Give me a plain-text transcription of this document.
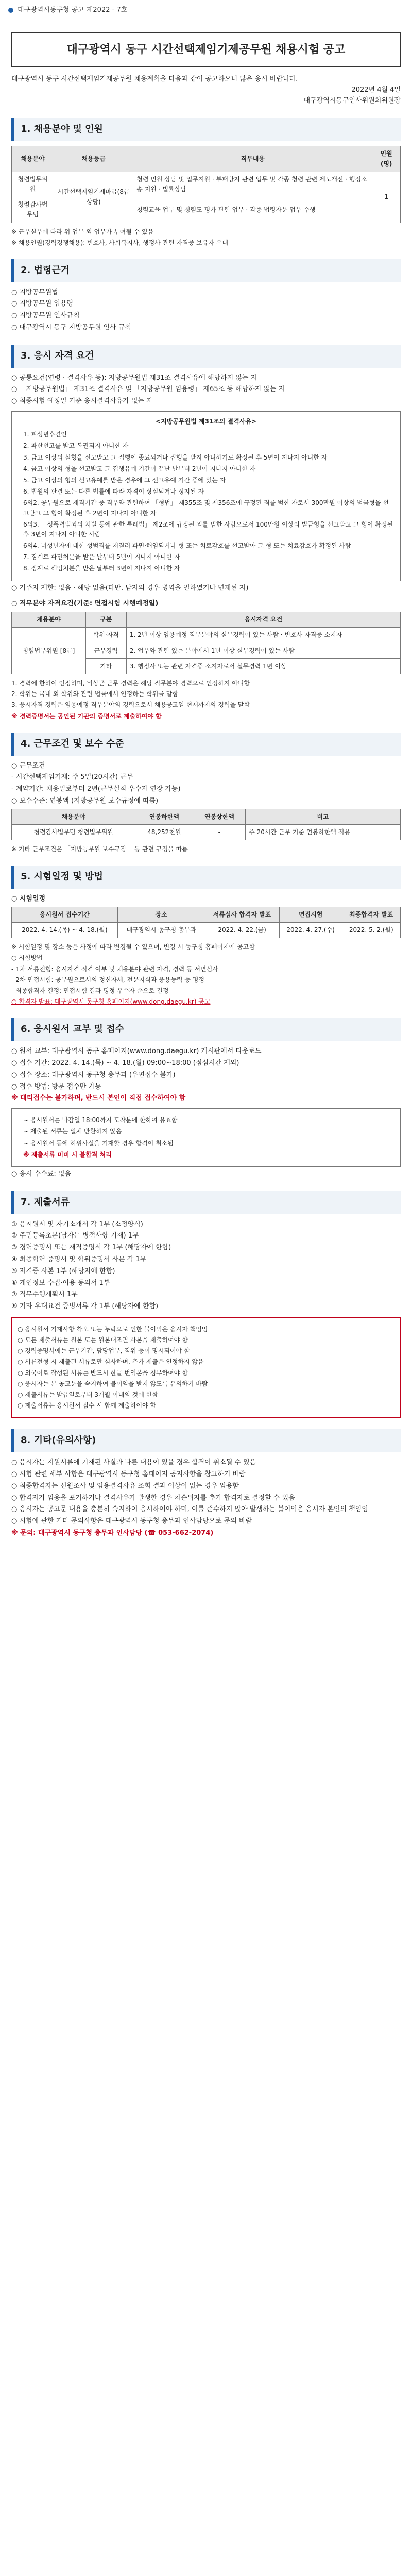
대구광역시동구청 공고 제2022 - 7호
대구광역시 동구 시간선택제임기제공무원 채용시험 공고
대구광역시 동구 시간선택제임기제공무원 채용계획을 다음과 같이 공고하오니 많은 응시 바랍니다.
2022년 4월 4일
대구광역시동구인사위원회위원장
1. 채용분야 및 인원
채용분야	채용등급	직무내용	인원(명)
청렴법무위원	시간선택제임기제마급(8급상당)	청렴 민원 상담 및 업무지원 · 부패방지 관련 업무 및 각종 청렴 관련 제도개선 · 행정소송 지원 · 법률상담	1
청렴감사법무팀		청렴교육 업무 및 청렴도 평가 관련 업무 · 각종 법령자문 업무 수행	
※ 근무실무에 따라 위 업무 외 업무가 부여될 수 있음
※ 채용인원(경력경쟁채용): 변호사, 사회복지사, 행정사 관련 자격증 보유자 우대
2. 법령근거
○ 지방공무원법
○ 지방공무원 임용령
○ 지방공무원 인사규칙
○ 대구광역시 동구 지방공무원 인사 규칙
3. 응시 자격 요건
○ 공통요건(연령 · 결격사유 등): 지방공무원법 제31조 결격사유에 해당하지 않는 자
○ 「지방공무원법」 제31조 결격사유 및 「지방공무원 임용령」 제65조 등 해당하지 않는 자
○ 최종시험 예정일 기준 응시결격사유가 없는 자
<지방공무원법 제31조의 결격사유>
1. 피성년후견인
2. 파산선고를 받고 복권되지 아니한 자
3. 금고 이상의 실형을 선고받고 그 집행이 종료되거나 집행을 받지 아니하기로 확정된 후 5년이 지나지 아니한 자
4. 금고 이상의 형을 선고받고 그 집행유예 기간이 끝난 날부터 2년이 지나지 아니한 자
5. 금고 이상의 형의 선고유예를 받은 경우에 그 선고유예 기간 중에 있는 자
6. 법원의 판결 또는 다른 법률에 따라 자격이 상실되거나 정지된 자
6의2. 공무원으로 재직기간 중 직무와 관련하여 「형법」 제355조 및 제356조에 규정된 죄를 범한 자로서 300만원 이상의 벌금형을 선고받고 그 형이 확정된 후 2년이 지나지 아니한 자
6의3. 「성폭력범죄의 처벌 등에 관한 특례법」 제2조에 규정된 죄를 범한 사람으로서 100만원 이상의 벌금형을 선고받고 그 형이 확정된 후 3년이 지나지 아니한 사람
6의4. 미성년자에 대한 성범죄를 저질러 파면·해임되거나 형 또는 치료감호를 선고받아 그 형 또는 치료감호가 확정된 사람
7. 징계로 파면처분을 받은 날부터 5년이 지나지 아니한 자
8. 징계로 해임처분을 받은 날부터 3년이 지나지 아니한 자
○ 거주지 제한: 없음 · 해당 없음(다만, 남자의 경우 병역을 필하였거나 면제된 자)
○ 직무분야 자격요건(기준: 면접시험 시행예정일)
채용분야	구분	응시자격 요건
청렴법무위원 [8급]	학위·자격	1. 2년 이상 임용예정 직무분야의 실무경력이 있는 사람 · 변호사 자격증 소지자
	근무경력	2. 업무와 관련 있는 분야에서 1년 이상 실무경력이 있는 사람
	기타	3. 행정사 또는 관련 자격증 소지자로서 실무경력 1년 이상
1. 경력에 한하여 인정하며, 비상근 근무 경력은 해당 직무분야 경력으로 인정하지 아니함
2. 학위는 국내 외 학위와 관련 법률에서 인정하는 학위를 말함
3. 응시자격 경력은 임용예정 직무분야의 경력으로서 채용공고일 현재까지의 경력을 말함
※ 경력증명서는 공인된 기관의 증명서로 제출하여야 함
4. 근무조건 및 보수 수준
○ 근무조건
- 시간선택제임기제: 주 5일(20시간) 근무
- 계약기간: 채용일로부터 2년(근무실적 우수자 연장 가능)
○ 보수수준: 연봉액 (지방공무원 보수규정에 따름)
채용분야	연봉하한액	연봉상한액	비고
청렴감사법무팀 청렴법무위원	48,252천원	-	주 20시간 근무 기준 연봉하한액 적용
※ 기타 근무조건은 「지방공무원 보수규정」 등 관련 규정을 따름
5. 시험일정 및 방법
○ 시험일정
응시원서 접수기간	장소	서류심사 합격자 발표	면접시험	최종합격자 발표
2022. 4. 14.(목) ~ 4. 18.(월)	대구광역시 동구청 총무과	2022. 4. 22.(금)	2022. 4. 27.(수)	2022. 5. 2.(월)
※ 시험일정 및 장소 등은 사정에 따라 변경될 수 있으며, 변경 시 동구청 홈페이지에 공고함
○ 시험방법
- 1차 서류전형: 응시자격 적격 여부 및 채용분야 관련 자격, 경력 등 서면심사
- 2차 면접시험: 공무원으로서의 정신자세, 전문지식과 응용능력 등 평정
- 최종합격자 결정: 면접시험 결과 평정 우수자 순으로 결정
○ 합격자 발표: 대구광역시 동구청 홈페이지(www.dong.daegu.kr) 공고
6. 응시원서 교부 및 접수
○ 원서 교부: 대구광역시 동구 홈페이지(www.dong.daegu.kr) 게시판에서 다운로드
○ 접수 기간: 2022. 4. 14.(목) ~ 4. 18.(월) 09:00~18:00 (점심시간 제외)
○ 접수 장소: 대구광역시 동구청 총무과 (우편접수 불가)
○ 접수 방법: 방문 접수만 가능
※ 대리접수는 불가하며, 반드시 본인이 직접 접수하여야 함
~ 응시원서는 마감일 18:00까지 도착분에 한하여 유효함
~ 제출된 서류는 일체 반환하지 않음
~ 응시원서 등에 허위사실을 기재할 경우 합격이 취소됨
※ 제출서류 미비 시 불합격 처리
○ 응시 수수료: 없음
7. 제출서류
① 응시원서 및 자기소개서 각 1부 (소정양식)
② 주민등록초본(남자는 병적사항 기재) 1부
③ 경력증명서 또는 재직증명서 각 1부 (해당자에 한함)
④ 최종학력 증명서 및 학위증명서 사본 각 1부
⑤ 자격증 사본 1부 (해당자에 한함)
⑥ 개인정보 수집·이용 동의서 1부
⑦ 직무수행계획서 1부
⑧ 기타 우대요건 증빙서류 각 1부 (해당자에 한함)
○ 응시원서 기재사항 착오 또는 누락으로 인한 불이익은 응시자 책임임
○ 모든 제출서류는 원본 또는 원본대조필 사본을 제출하여야 함
○ 경력증명서에는 근무기간, 담당업무, 직위 등이 명시되어야 함
○ 서류전형 시 제출된 서류로만 심사하며, 추가 제출은 인정하지 않음
○ 외국어로 작성된 서류는 반드시 한글 번역본을 첨부하여야 함
○ 응시자는 본 공고문을 숙지하여 불이익을 받지 않도록 유의하기 바람
○ 제출서류는 발급일로부터 3개월 이내의 것에 한함
○ 제출서류는 응시원서 접수 시 함께 제출하여야 함
8. 기타(유의사항)
○ 응시자는 지원서류에 기재된 사실과 다른 내용이 있을 경우 합격이 취소될 수 있음
○ 시험 관련 세부 사항은 대구광역시 동구청 홈페이지 공지사항을 참고하기 바람
○ 최종합격자는 신원조사 및 임용결격사유 조회 결과 이상이 없는 경우 임용함
○ 합격자가 임용을 포기하거나 결격사유가 발생한 경우 차순위자를 추가 합격자로 결정할 수 있음
○ 응시자는 공고문 내용을 충분히 숙지하여 응시하여야 하며, 이를 준수하지 않아 발생하는 불이익은 응시자 본인의 책임임
○ 시험에 관한 기타 문의사항은 대구광역시 동구청 총무과 인사담당으로 문의 바람
※ 문의: 대구광역시 동구청 총무과 인사담당 (☎ 053-662-2074)
